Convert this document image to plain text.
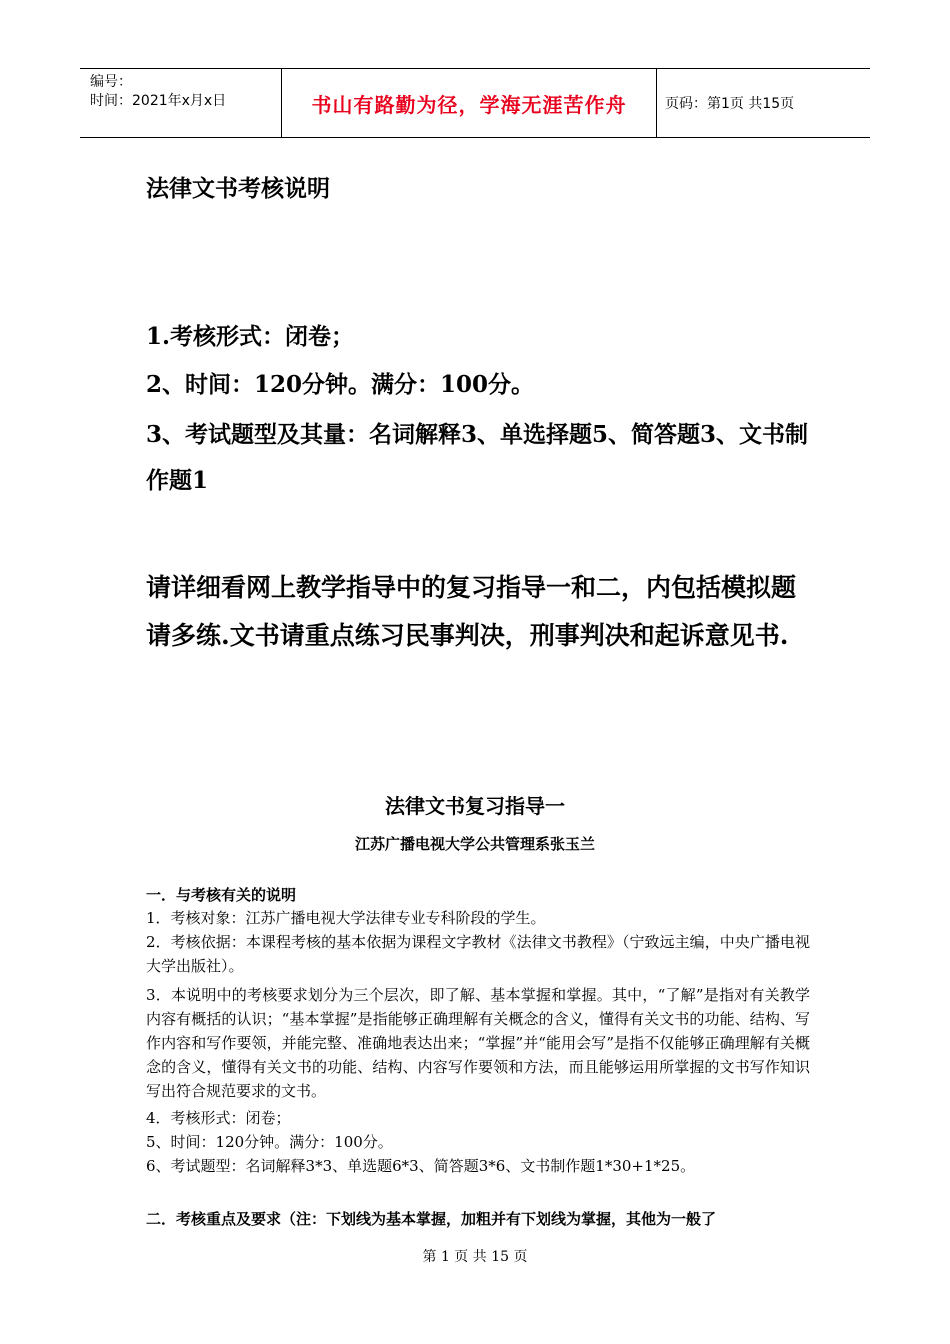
编号：
时间：2021年x月x日	书山有路勤为径，学海无涯苦作舟	页码：第1页 共15页
法律文书考核说明
1.考核形式：闭卷；
2、时间：120分钟。满分：100分。
3、考试题型及其量：名词解释3、单选择题5、简答题3、文书制作题1
请详细看网上教学指导中的复习指导一和二，内包括模拟题请多练.文书请重点练习民事判决，刑事判决和起诉意见书.
法律文书复习指导一
江苏广播电视大学公共管理系张玉兰
一．与考核有关的说明
1．考核对象：江苏广播电视大学法律专业专科阶段的学生。
2．考核依据：本课程考核的基本依据为课程文字教材《法律文书教程》（宁致远主编，中央广播电视大学出版社）。
3．本说明中的考核要求划分为三个层次，即了解、基本掌握和掌握。其中，“了解”是指对有关教学内容有概括的认识；“基本掌握”是指能够正确理解有关概念的含义，懂得有关文书的功能、结构、写作内容和写作要领，并能完整、准确地表达出来；“掌握”并“能用会写”是指不仅能够正确理解有关概念的含义，懂得有关文书的功能、结构、内容写作要领和方法，而且能够运用所掌握的文书写作知识写出符合规范要求的文书。
4．考核形式：闭卷；
5、时间：120分钟。满分：100分。
6、考试题型：名词解释3*3、单选题6*3、简答题3*6、文书制作题1*30+1*25。
二．考核重点及要求（注：下划线为基本掌握，加粗并有下划线为掌握，其他为一般了
第 1 页 共 15 页
